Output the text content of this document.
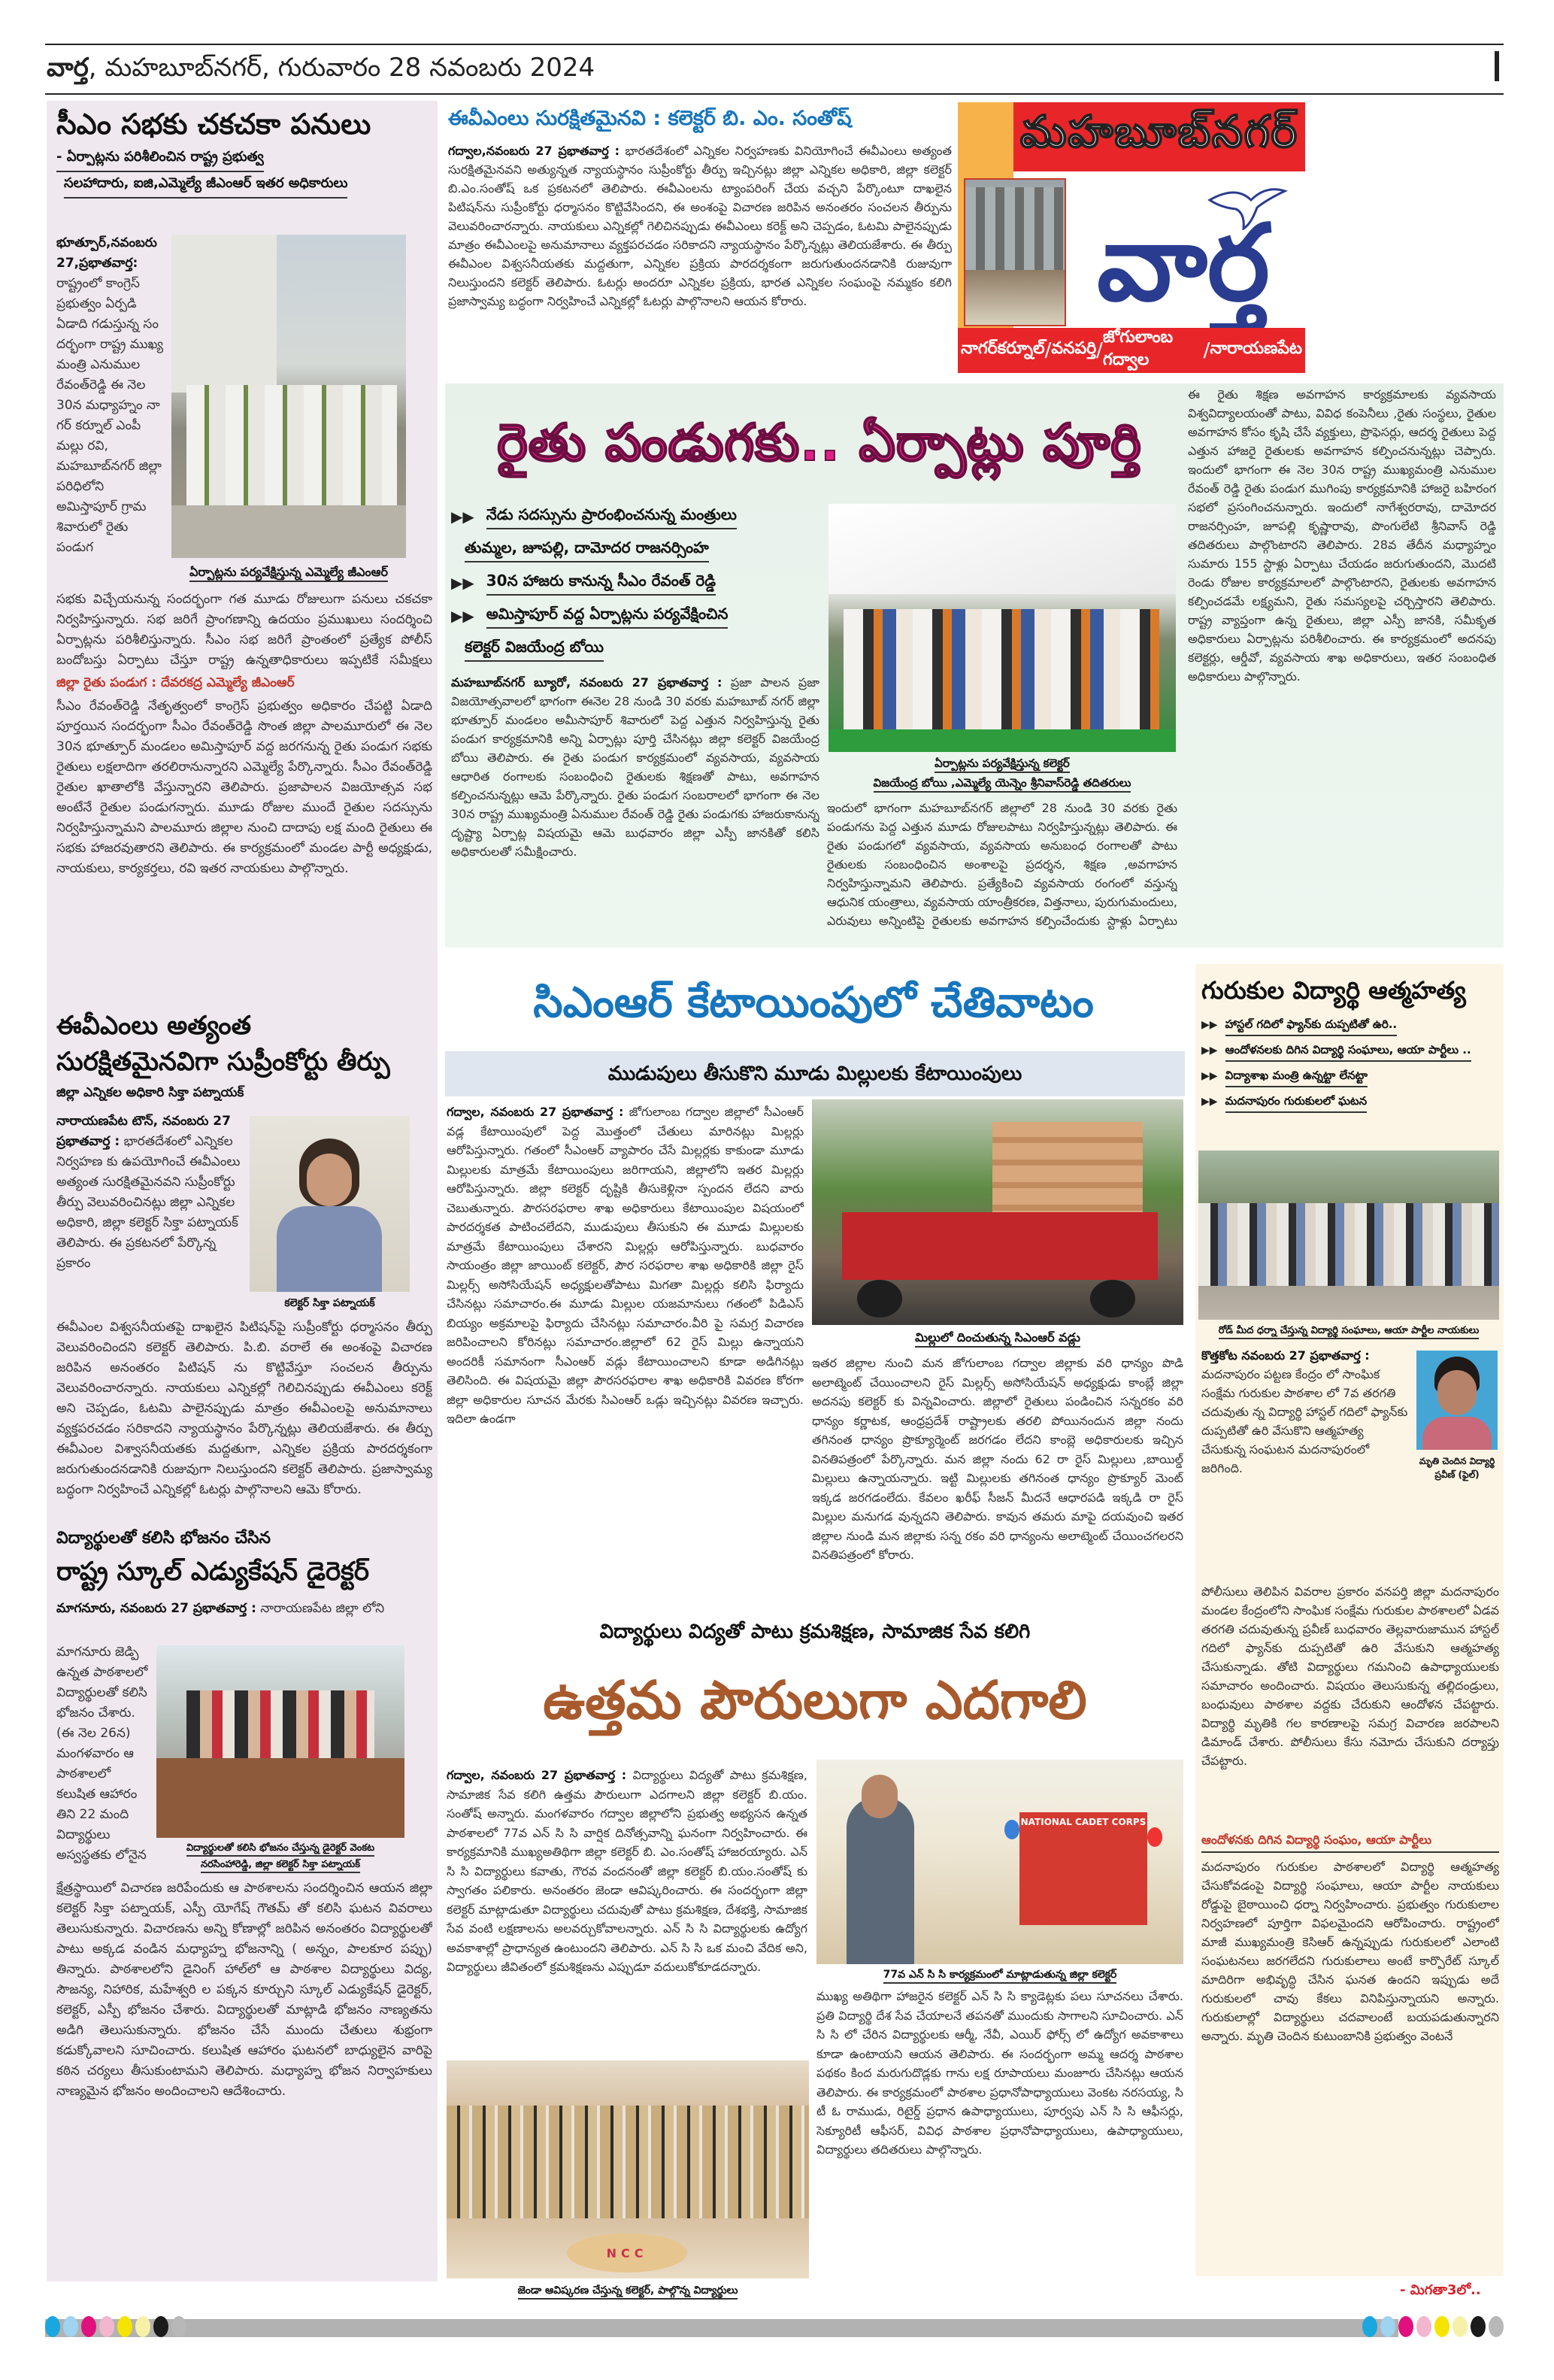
వార్త, మహబూబ్‌నగర్, గురువారం 28 నవంబరు 2024
సీఎం సభకు చకచకా పనులు
- ఏర్పాట్లను పరిశీలించిన రాష్ట్ర ప్రభుత్వ
సలహాదారు, ఐజి,ఎమ్మెల్యే జీఎంఆర్ ఇతర అధికారులు
భూత్పూర్,నవంబరు 27,ప్రభాతవార్త: రాష్ట్రంలో కాంగ్రెస్ ప్రభుత్వం ఏర్పడి ఏడాది గడుస్తున్న సం దర్భంగా రాష్ట్ర ముఖ్య మంత్రి ఎనుముల రేవంత్‌రెడ్డి ఈ నెల 30న మధ్యాహ్నం నా గర్ కర్నూల్ ఎంపీ మల్లు రవి, మహబూబ్‌నగర్ జిల్లా పరిధిలోని అమిస్తాపూర్ గ్రామ శివారులో రైతు పండుగ
ఏర్పాట్లను పర్యవేక్షిస్తున్న ఎమ్మెల్యే జీఎంఆర్
సభకు విచ్చేయనున్న సందర్భంగా గత మూడు రోజులుగా పనులు చకచకా నిర్వహిస్తున్నారు. సభ జరిగే ప్రాంగణాన్ని ఉదయం ప్రముఖులు సందర్శించి ఏర్పాట్లను పరిశీలిస్తున్నారు. సీఎం సభ జరిగే ప్రాంతంలో ప్రత్యేక పోలీస్ బందోబస్తు ఏర్పాటు చేస్తూ రాష్ట్ర ఉన్నతాధికారులు ఇప్పటికే సమీక్షలు
జిల్లా రైతు పండుగ : దేవరకద్ర ఎమ్మెల్యే జీఎంఆర్
సీఎం రేవంత్‌రెడ్డి నేతృత్వంలో కాంగ్రెస్ ప్రభుత్వం అధికారం చేపట్టి ఏడాది పూర్తయిన సందర్భంగా సీఎం రేవంత్‌రెడ్డి సొంత జిల్లా పాలమూరులో ఈ నెల 30న భూత్పూర్ మండలం అమిస్తాపూర్ వద్ద జరగనున్న రైతు పండుగ సభకు రైతులు లక్షలాదిగా తరలిరానున్నారని ఎమ్మెల్యే పేర్కొన్నారు. సీఎం రేవంత్‌రెడ్డి రైతుల ఖాతాలోకి వేస్తున్నారని తెలిపారు. ప్రజాపాలన విజయోత్సవ సభ అంటేనే రైతుల పండుగన్నారు. మూడు రోజుల ముందే రైతుల సదస్సును నిర్వహిస్తున్నామని పాలమూరు జిల్లాల నుంచి దాదాపు లక్ష మంది రైతులు ఈ సభకు హాజరవుతారని తెలిపారు. ఈ కార్యక్రమంలో మండల పార్టీ అధ్యక్షుడు, నాయకులు, కార్యకర్తలు, రవి ఇతర నాయకులు పాల్గొన్నారు.
ఈవీఎంలు అత్యంత
సురక్షితమైనవిగా సుప్రీంకోర్టు తీర్పు
జిల్లా ఎన్నికల అధికారి సిక్తా పట్నాయక్
నారాయణపేట టౌన్, నవంబరు 27 ప్రభాతవార్త : భారతదేశంలో ఎన్నికల నిర్వహణ కు ఉపయోగించే ఈవీఎంలు అత్యంత సురక్షితమైనవని సుప్రీంకోర్టు తీర్పు వెలువరించినట్లు జిల్లా ఎన్నికల అధికారి, జిల్లా కలెక్టర్ సిక్తా పట్నాయక్ తెలిపారు. ఈ ప్రకటనలో పేర్కొన్న ప్రకారం
కలెక్టర్ సిక్తా పట్నాయక్
ఈవీఎంల విశ్వసనీయతపై దాఖలైన పిటిషన్‌పై సుప్రీంకోర్టు ధర్మాసనం తీర్పు వెలువరించిందని కలెక్టర్ తెలిపారు. పి.బి. వరాలే ఈ అంశంపై విచారణ జరిపిన అనంతరం పిటిషన్ ను కొట్టివేస్తూ సంచలన తీర్పును వెలువరించారన్నారు. నాయకులు ఎన్నికల్లో గెలిచినప్పుడు ఈవీఎంలు కరెక్ట్ అని చెప్పడం, ఓటమి పాలైనప్పుడు మాత్రం ఈవీఎంలపై అనుమానాలు వ్యక్తపరచడం సరికాదని న్యాయస్థానం పేర్కొన్నట్లు తెలియజేశారు. ఈ తీర్పు ఈవీఎంల విశ్వాసనీయతకు మద్దతుగా, ఎన్నికల ప్రక్రియ పారదర్శకంగా జరుగుతుందనడానికి రుజువుగా నిలుస్తుందని కలెక్టర్ తెలిపారు. ప్రజాస్వామ్య బద్ధంగా నిర్వహించే ఎన్నికల్లో ఓటర్లు పాల్గొనాలని ఆమె కోరారు.
విద్యార్థులతో కలిసి భోజనం చేసిన
రాష్ట్ర స్కూల్ ఎడ్యుకేషన్ డైరెక్టర్
మాగనూరు, నవంబరు 27 ప్రభాతవార్త : నారాయణపేట జిల్లా లోని
మాగనూరు జెడ్పి ఉన్నత పాఠశాలలో విద్యార్థులతో కలిసి భోజనం చేశారు. (ఈ నెల 26న) మంగళవారం ఆ పాఠశాలలో కలుషిత ఆహారం తిని 22 మంది విద్యార్థులు అస్వస్థతకు లోనైన	విద్యార్థులతో కలిసి భోజనం చేస్తున్న డైరెక్టర్ వెంకట
నరసింహారెడ్డి, జిల్లా కలెక్టర్ సిక్తా పట్నాయక్
క్షేత్రస్థాయిలో విచారణ జరిపేందుకు ఆ పాఠశాలను సందర్శించిన ఆయన జిల్లా కలెక్టర్ సిక్తా పట్నాయక్, ఎస్పీ యోగేష్ గౌతమ్ తో కలిసి ఘటన వివరాలు తెలుసుకున్నారు. విచారణను అన్ని కోణాల్లో జరిపిన అనంతరం విద్యార్థులతో పాటు అక్కడ వండిన మధ్యాహ్న భోజనాన్ని ( అన్నం, పాలకూర పప్పు) తిన్నారు. పాఠశాలలోని డైనింగ్ హాల్‌లో ఆ పాఠశాల విద్యార్థులు విద్య, సౌజన్య, నిహారిక, మహేశ్వరి ల పక్కన కూర్చుని స్కూల్ ఎడ్యుకేషన్ డైరెక్టర్, కలెక్టర్, ఎస్పీ భోజనం చేశారు. విద్యార్థులతో మాట్లాడి భోజనం నాణ్యతను అడిగి తెలుసుకున్నారు. భోజనం చేసే ముందు చేతులు శుభ్రంగా కడుక్కోవాలని సూచించారు. కలుషిత ఆహారం ఘటనలో బాధ్యులైన వారిపై కఠిన చర్యలు తీసుకుంటామని తెలిపారు. మధ్యాహ్న భోజన నిర్వాహకులు నాణ్యమైన భోజనం అందించాలని ఆదేశించారు.
ఈవీఎంలు సురక్షితమైనవి : కలెక్టర్ బి. ఎం. సంతోష్
గద్వాల,నవంబరు 27 ప్రభాతవార్త : భారతదేశంలో ఎన్నికల నిర్వహణకు వినియోగించే ఈవీఎంలు అత్యంత సురక్షితమైనవని అత్యున్నత న్యాయస్థానం సుప్రీంకోర్టు తీర్పు ఇచ్చినట్లు జిల్లా ఎన్నికల అధికారి, జిల్లా కలెక్టర్ బి.ఎం.సంతోష్ ఒక ప్రకటనలో తెలిపారు. ఈవీఎంలను ట్యాంపరింగ్ చేయ వచ్చని పేర్కొంటూ దాఖలైన పిటిషన్‌ను సుప్రీంకోర్టు ధర్మాసనం కొట్టివేసిందని, ఈ అంశంపై విచారణ జరిపిన అనంతరం సంచలన తీర్పును వెలువరించారన్నారు. నాయకులు ఎన్నికల్లో గెలిచినప్పుడు ఈవీఎంలు కరెక్ట్ అని చెప్పడం, ఓటమి పాలైనప్పుడు మాత్రం ఈవీఎంలపై అనుమానాలు వ్యక్తపరచడం సరికాదని న్యాయస్థానం పేర్కొన్నట్లు తెలియజేశారు. ఈ తీర్పు ఈవీఎంల విశ్వసనీయతకు మద్దతుగా, ఎన్నికల ప్రక్రియ పారదర్శకంగా జరుగుతుందనడానికి రుజువుగా నిలుస్తుందని కలెక్టర్ తెలిపారు. ఓటర్లు అందరూ ఎన్నికల ప్రక్రియ, భారత ఎన్నికల సంఘంపై నమ్మకం కలిగి ప్రజాస్వామ్య బద్ధంగా నిర్వహించే ఎన్నికల్లో ఓటర్లు పాల్గొనాలని ఆయన కోరారు.
మహబూబ్‌నగర్
వార్త
నాగర్‌కర్నూల్ / వనపర్తి /
జోగులాంబ గద్వాల	/ నారాయణపేట
రైతు పండుగకు.. ఏర్పాట్లు పూర్తి
▶▶ నేడు సదస్సును ప్రారంభించనున్న మంత్రులు
తుమ్మల, జూపల్లి, దామోదర రాజనర్సింహ
▶▶ 30న హాజరు కానున్న సీఎం రేవంత్ రెడ్డి
▶▶ అమిస్తాపూర్ వద్ద ఏర్పాట్లను పర్యవేక్షించిన
కలెక్టర్ విజయేంద్ర బోయి
మహబూబ్‌నగర్ బ్యూరో, నవంబరు 27 ప్రభాతవార్త : ప్రజా పాలన ప్రజా విజయోత్సవాలలో భాగంగా ఈనెల 28 నుండి 30 వరకు మహబూబ్ నగర్ జిల్లా భూత్పూర్ మండలం అమీసాపూర్ శివారులో పెద్ద ఎత్తున నిర్వహిస్తున్న రైతు పండుగ కార్యక్రమానికి అన్ని ఏర్పాట్లు పూర్తి చేసినట్లు జిల్లా కలెక్టర్ విజయేంద్ర బోయి తెలిపారు. ఈ రైతు పండుగ కార్యక్రమంలో వ్యవసాయ, వ్యవసాయ ఆధారిత రంగాలకు సంబంధించి రైతులకు శిక్షణతో పాటు, అవగాహన కల్పించనున్నట్లు ఆమె పేర్కొన్నారు. రైతు పండుగ సంబరాలలో భాగంగా ఈ నెల 30న రాష్ట్ర ముఖ్యమంత్రి ఏనుముల రేవంత్ రెడ్డి రైతు పండుగకు హాజరుకానున్న దృష్ట్యా ఏర్పాట్ల విషయమై ఆమె బుధవారం జిల్లా ఎస్పీ జానకితో కలిసి అధికారులతో సమీక్షించారు.
ఏర్పాట్లను పర్యవేక్షిస్తున్న కలెక్టర్
విజయేంద్ర బోయి ,ఎమ్మెల్యే యెన్నెం శ్రీనివాస్‌రెడ్డి తదితరులు
ఇందులో భాగంగా మహబూబ్‌నగర్ జిల్లాలో 28 నుండి 30 వరకు రైతు పండుగను పెద్ద ఎత్తున మూడు రోజులపాటు నిర్వహిస్తున్నట్లు తెలిపారు. ఈ రైతు పండుగలో వ్యవసాయ, వ్యవసాయ అనుబంధ రంగాలతో పాటు రైతులకు సంబంధించిన అంశాలపై ప్రదర్శన, శిక్షణ ,అవగాహన నిర్వహిస్తున్నామని తెలిపారు. ప్రత్యేకించి వ్యవసాయ రంగంలో వస్తున్న ఆధునిక యంత్రాలు, వ్యవసాయ యాంత్రీకరణ, విత్తనాలు, పురుగుమందులు, ఎరువులు అన్నింటిపై రైతులకు అవగాహన కల్పించేందుకు స్టాళ్లు ఏర్పాటు
ఈ రైతు శిక్షణ అవగాహన కార్యక్రమాలకు వ్యవసాయ విశ్వవిద్యాలయంతో పాటు, వివిధ కంపెనీలు ,రైతు సంస్థలు, రైతుల అవగాహన కోసం కృషి చేసే వ్యక్తులు, ప్రొఫెసర్లు, ఆదర్శ రైతులు పెద్ద ఎత్తున హాజరై రైతులకు అవగాహన కల్పించనున్నట్లు చెప్పారు. ఇందులో భాగంగా ఈ నెల 30న రాష్ట్ర ముఖ్యమంత్రి ఎనుముల రేవంత్ రెడ్డి రైతు పండుగ ముగింపు కార్యక్రమానికి హాజరై బహిరంగ సభలో ప్రసంగించనున్నారు. ఇందులో నాగేశ్వరరావు, దామోదర రాజనర్సింహ, జూపల్లి కృష్ణారావు, పొంగులేటి శ్రీనివాస్ రెడ్డి తదితరులు పాల్గొంటారని తెలిపారు. 28వ తేదీన మధ్యాహ్నం సుమారు 155 స్టాళ్లు ఏర్పాటు చేయడం జరుగుతుందని, మొదటి రెండు రోజుల కార్యక్రమాలలో పాల్గొంటారని, రైతులకు అవగాహన కల్పించడమే లక్ష్యమని, రైతు సమస్యలపై చర్చిస్తారని తెలిపారు. రాష్ట్ర వ్యాప్తంగా ఉన్న రైతులు, జిల్లా ఎస్పీ జానకి, సమీకృత అధికారులు ఏర్పాట్లను పరిశీలించారు. ఈ కార్యక్రమంలో అదనపు కలెక్టర్లు, ఆర్డీవో, వ్యవసాయ శాఖ అధికారులు, ఇతర సంబంధిత అధికారులు పాల్గొన్నారు.
సిఎంఆర్ కేటాయింపులో చేతివాటం
ముడుపులు తీసుకొని మూడు మిల్లులకు కేటాయింపులు
గద్వాల, నవంబరు 27 ప్రభాతవార్త : జోగులాంబ గద్వాల జిల్లాలో సీఎంఆర్ వడ్ల కేటాయింపులో పెద్ద మొత్తంలో చేతులు మారినట్లు మిల్లర్లు ఆరోపిస్తున్నారు. గతంలో సీఎంఆర్ వ్యాపారం చేసే మిల్లర్లకు కాకుండా మూడు మిల్లులకు మాత్రమే కేటాయింపులు జరిగాయని, జిల్లాలోని ఇతర మిల్లర్లు ఆరోపిస్తున్నారు. జిల్లా కలెక్టర్ దృష్టికి తీసుకెళ్లినా స్పందన లేదని వారు చెబుతున్నారు. పౌరసరఫరాల శాఖ అధికారులు కేటాయింపుల విషయంలో పారదర్శకత పాటించలేదని, ముడుపులు తీసుకుని ఈ మూడు మిల్లులకు మాత్రమే కేటాయింపులు చేశారని మిల్లర్లు ఆరోపిస్తున్నారు. బుధవారం సాయంత్రం జిల్లా జాయింట్ కలెక్టర్, పౌర సరఫరాల శాఖ అధికారికి జిల్లా రైస్ మిల్లర్స్ అసోసియేషన్ అధ్యక్షులతోపాటు మిగతా మిల్లర్లు కలిసి ఫిర్యాదు చేసినట్లు సమాచారం.ఈ మూడు మిల్లుల యజమానులు గతంలో పిడిఎస్ బియ్యం అక్రమాలపై ఫిర్యాదు చేసినట్లు సమాచారం.వీరి పై సమగ్ర విచారణ జరిపించాలని కోరినట్లు సమాచారం.జిల్లాలో 62 రైస్ మిల్లు ఉన్నాయని అందరికీ సమానంగా సీఎంఆర్ వడ్లు కేటాయించాలని కూడా అడిగినట్లు తెలిసింది. ఈ విషయమై జిల్లా పౌరసరఫరాల శాఖ అధికారికి వివరణ కోరగా జిల్లా అధికారుల సూచన మేరకు సిఎంఆర్ ఒడ్లు ఇచ్చినట్లు వివరణ ఇచ్చారు. ఇదిలా ఉండగా
మిల్లులో దించుతున్న సిఎంఆర్ వడ్లు
ఇతర జిల్లాల నుంచి మన జోగులాంబ గద్వాల జిల్లాకు వరి ధాన్యం పొడి అలాట్మెంట్ చేయించాలని రైస్ మిల్లర్స్ అసోసియేషన్ అధ్యక్షుడు కాంబ్లే జిల్లా అదనపు కలెక్టర్ కు విన్నవించారు. జిల్లాలో రైతులు పండించిన సన్నరకం వరి ధాన్యం కర్ణాటక, ఆంధ్రప్రదేశ్ రాష్ట్రాలకు తరలి పోయినందున జిల్లా నందు తగినంత ధాన్యం ప్రొక్యూర్మెంట్ జరగడం లేదని కాంబ్లె అధికారులకు ఇచ్చిన వినతిపత్రంలో పేర్కొన్నారు. మన జిల్లా నందు 62 రా రైస్ మిల్లులు ,బాయిల్డ్ మిల్లులు ఉన్నాయన్నారు. ఇట్టి మిల్లులకు తగినంత ధాన్యం ప్రొక్యూర్ మెంట్ ఇక్కడ జరగడంలేదు. కేవలం ఖరీఫ్ సీజన్ మీదనే ఆధారపడి ఇక్కడి రా రైస్ మిల్లుల మనుగడ వున్నదని తెలిపారు. కావున తమరు మాపై దయవుంచి ఇతర జిల్లాల నుండి మన జిల్లాకు సన్న రకం వరి ధాన్యంను అలాట్మెంట్ చేయించగలరని వినతిపత్రంలో కోరారు.
గురుకుల విద్యార్థి ఆత్మహత్య
▶▶ హాస్టల్ గదిలో ఫ్యాన్‌కు దుప్పటితో ఉరి..
▶▶ ఆందోళనలకు దిగిన విద్యార్థి సంఘాలు, ఆయా పార్టీలు ..
▶▶ విద్యాశాఖ మంత్రి ఉన్నట్టా లేనట్టా
▶▶ మదనాపురం గురుకులలో ఘటన
రోడ్ మీద ధర్నా చేస్తున్న విద్యార్థి సంఘాలు, ఆయా పార్టీల నాయకులు
కొత్తకోట నవంబరు 27 ప్రభాతవార్త : మదనాపురం పట్టణ కేంద్రం లో సాంఘిక సంక్షేమ గురుకుల పాఠశాల లో 7వ తరగతి చదువుతు న్న విద్యార్థి హాస్టల్ గదిలో ఫ్యాన్‌కు దుప్పటితో ఉరి వేసుకొని ఆత్మహత్య చేసుకున్న సంఘటన మదనాపురంలో జరిగింది.	మృతి చెందిన విద్యార్థి ప్రవీణ్ (ఫైల్)
పోలీసులు తెలిపిన వివరాల ప్రకారం వనపర్తి జిల్లా మదనాపురం మండల కేంద్రంలోని సాంఘిక సంక్షేమ గురుకుల పాఠశాలలో ఏడవ తరగతి చదువుతున్న ప్రవీణ్ బుధవారం తెల్లవారుజామున హాస్టల్ గదిలో ఫ్యాన్‌కు దుప్పటితో ఉరి వేసుకుని ఆత్మహత్య చేసుకున్నాడు. తోటి విద్యార్థులు గమనించి ఉపాధ్యాయులకు సమాచారం అందించారు. విషయం తెలుసుకున్న తల్లిదండ్రులు, బంధువులు పాఠశాల వద్దకు చేరుకుని ఆందోళన చేపట్టారు. విద్యార్థి మృతికి గల కారణాలపై సమగ్ర విచారణ జరపాలని డిమాండ్ చేశారు. పోలీసులు కేసు నమోదు చేసుకుని దర్యాప్తు చేపట్టారు.
ఆందోళనకు దిగిన విద్యార్థి సంఘం, ఆయా పార్టీలు
మదనాపురం గురుకుల పాఠశాలలో విద్యార్థి ఆత్మహత్య చేసుకోవడంపై విద్యార్థి సంఘాలు, ఆయా పార్టీల నాయకులు రోడ్డుపై బైఠాయించి ధర్నా నిర్వహించారు. ప్రభుత్వం గురుకులాల నిర్వహణలో పూర్తిగా విఫలమైందని ఆరోపించారు. రాష్ట్రంలో మాజీ ముఖ్యమంత్రి కెసిఆర్ ఉన్నప్పుడు గురుకులలో ఎలాంటి సంఘటనలు జరగలేదని గురుకులాలు అంటే కార్పొరేట్ స్కూల్ మాదిరిగా అభివృద్ధి చేసిన ఘనత ఉందని ఇప్పుడు అదే గురుకులలో చావు కేకలు వినిపిస్తున్నాయని అన్నారు. గురుకులాల్లో విద్యార్థులు చదవాలంటే బయపడుతున్నారని అన్నారు. మృతి చెందిన కుటుంబానికి ప్రభుత్వం వెంటనే
- మిగతా3లో..
విద్యార్థులు విద్యతో పాటు క్రమశిక్షణ, సామాజిక సేవ కలిగి
ఉత్తమ పౌరులుగా ఎదగాలి
గద్వాల, నవంబరు 27 ప్రభాతవార్త : విద్యార్థులు విద్యతో పాటు క్రమశిక్షణ, సామాజిక సేవ కలిగి ఉత్తమ పౌరులుగా ఎదగాలని జిల్లా కలెక్టర్ బి.యం. సంతోష్ అన్నారు. మంగళవారం గద్వాల జిల్లాలోని ప్రభుత్వ అభ్యసన ఉన్నత పాఠశాలలో 77వ ఎన్ సి సి వార్షిక దినోత్సవాన్ని ఘనంగా నిర్వహించారు. ఈ కార్యక్రమానికి ముఖ్యఅతిథిగా జిల్లా కలెక్టర్ బి. ఎం.సంతోష్ హాజరయ్యారు. ఎన్ సి సి విద్యార్థులు కవాతు, గౌరవ వందనంతో జిల్లా కలెక్టర్ బి.యం.సంతోష్ కు స్వాగతం పలికారు. అనంతరం జెండా ఆవిష్కరించారు. ఈ సందర్భంగా జిల్లా కలెక్టర్ మాట్లాడుతూ విద్యార్థులు చదువుతో పాటు క్రమశిక్షణ, దేశభక్తి, సామాజిక సేవ వంటి లక్షణాలను అలవర్చుకోవాలన్నారు. ఎన్ సి సి విద్యార్థులకు ఉద్యోగ అవకాశాల్లో ప్రాధాన్యత ఉంటుందని తెలిపారు. ఎన్ సి సి ఒక మంచి వేదిక అని, విద్యార్థులు జీవితంలో క్రమశిక్షణను ఎప్పుడూ వదులుకోకూడదన్నారు.
NATIONAL CADET CORPS
77వ ఎన్ సి సి కార్యక్రమంలో మాట్లాడుతున్న జిల్లా కలెక్టర్
ముఖ్య అతిథిగా హాజరైన కలెక్టర్ ఎన్ సి సి క్యాడెట్లకు పలు సూచనలు చేశారు. ప్రతి విద్యార్థి దేశ సేవ చేయాలనే తపనతో ముందుకు సాగాలని సూచించారు. ఎన్ సి సి లో చేరిన విద్యార్థులకు ఆర్మీ, నేవీ, ఎయిర్ ఫోర్స్ లో ఉద్యోగ అవకాశాలు కూడా ఉంటాయని ఆయన తెలిపారు. ఈ సందర్భంగా అమ్మ ఆదర్శ పాఠశాల పథకం కింద మరుగుదొడ్లకు గాను లక్ష రూపాయలు మంజూరు చేసినట్లు ఆయన తెలిపారు. ఈ కార్యక్రమంలో పాఠశాల ప్రధానోపాధ్యాయులు వెంకట నరసయ్య, సి టీ ఓ రాముడు, రిటైర్డ్ ప్రధాన ఉపాధ్యాయులు, పూర్వపు ఎన్ సి సి ఆఫీసర్లు, సెక్యూరిటీ ఆఫీసర్, వివిధ పాఠశాల ప్రధానోపాధ్యాయులు, ఉపాధ్యాయులు, విద్యార్థులు తదితరులు పాల్గొన్నారు.
NCC
జెండా ఆవిష్కరణ చేస్తున్న కలెక్టర్, పాల్గొన్న విద్యార్థులు
